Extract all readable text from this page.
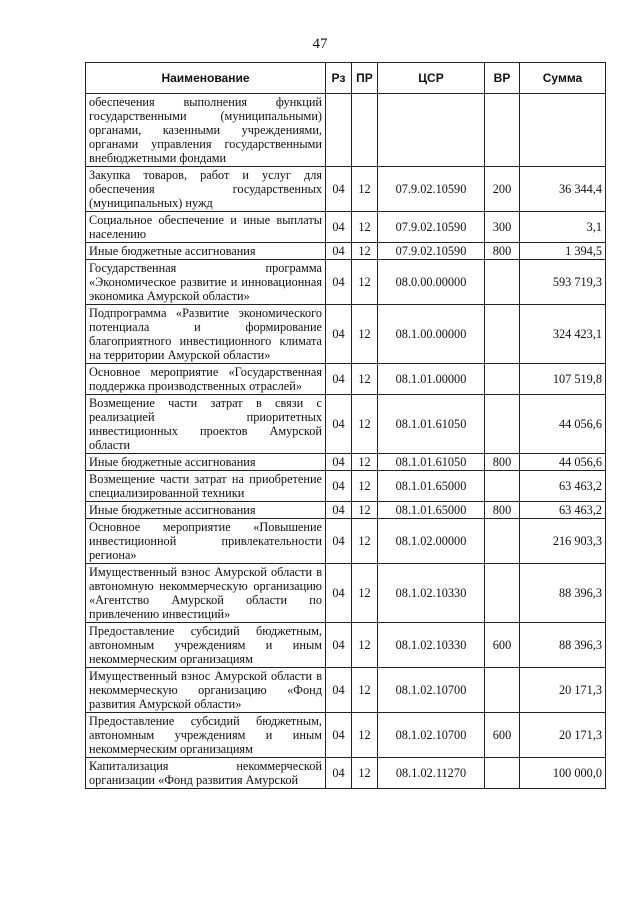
47
Наименование	Рз	ПР	ЦСР	ВР	Сумма
обеспечения выполнения функций государственными (муниципальными) органами, казенными учреждениями, органами управления государственными внебюджетными фондами					
Закупка товаров, работ и услуг для обеспечения государственных (муниципальных) нужд	04	12	07.9.02.10590	200	36 344,4
Социальное обеспечение и иные выплаты населению	04	12	07.9.02.10590	300	3,1
Иные бюджетные ассигнования	04	12	07.9.02.10590	800	1 394,5
Государственная программа «Экономическое развитие и инновационная экономика Амурской области»	04	12	08.0.00.00000		593 719,3
Подпрограмма «Развитие экономического потенциала и формирование благоприятного инвестиционного климата на территории Амурской области»	04	12	08.1.00.00000		324 423,1
Основное мероприятие «Государственная поддержка производственных отраслей»	04	12	08.1.01.00000		107 519,8
Возмещение части затрат в связи с реализацией приоритетных инвестиционных проектов Амурской области	04	12	08.1.01.61050		44 056,6
Иные бюджетные ассигнования	04	12	08.1.01.61050	800	44 056,6
Возмещение части затрат на приобретение специализированной техники	04	12	08.1.01.65000		63 463,2
Иные бюджетные ассигнования	04	12	08.1.01.65000	800	63 463,2
Основное мероприятие «Повышение инвестиционной привлекательности региона»	04	12	08.1.02.00000		216 903,3
Имущественный взнос Амурской области в автономную некоммерческую организацию «Агентство Амурской области по привлечению инвестиций»	04	12	08.1.02.10330		88 396,3
Предоставление субсидий бюджетным, автономным учреждениям и иным некоммерческим организациям	04	12	08.1.02.10330	600	88 396,3
Имущественный взнос Амурской области в некоммерческую организацию «Фонд развития Амурской области»	04	12	08.1.02.10700		20 171,3
Предоставление субсидий бюджетным, автономным учреждениям и иным некоммерческим организациям	04	12	08.1.02.10700	600	20 171,3
Капитализация некоммерческой организации «Фонд развития Амурской	04	12	08.1.02.11270		100 000,0
